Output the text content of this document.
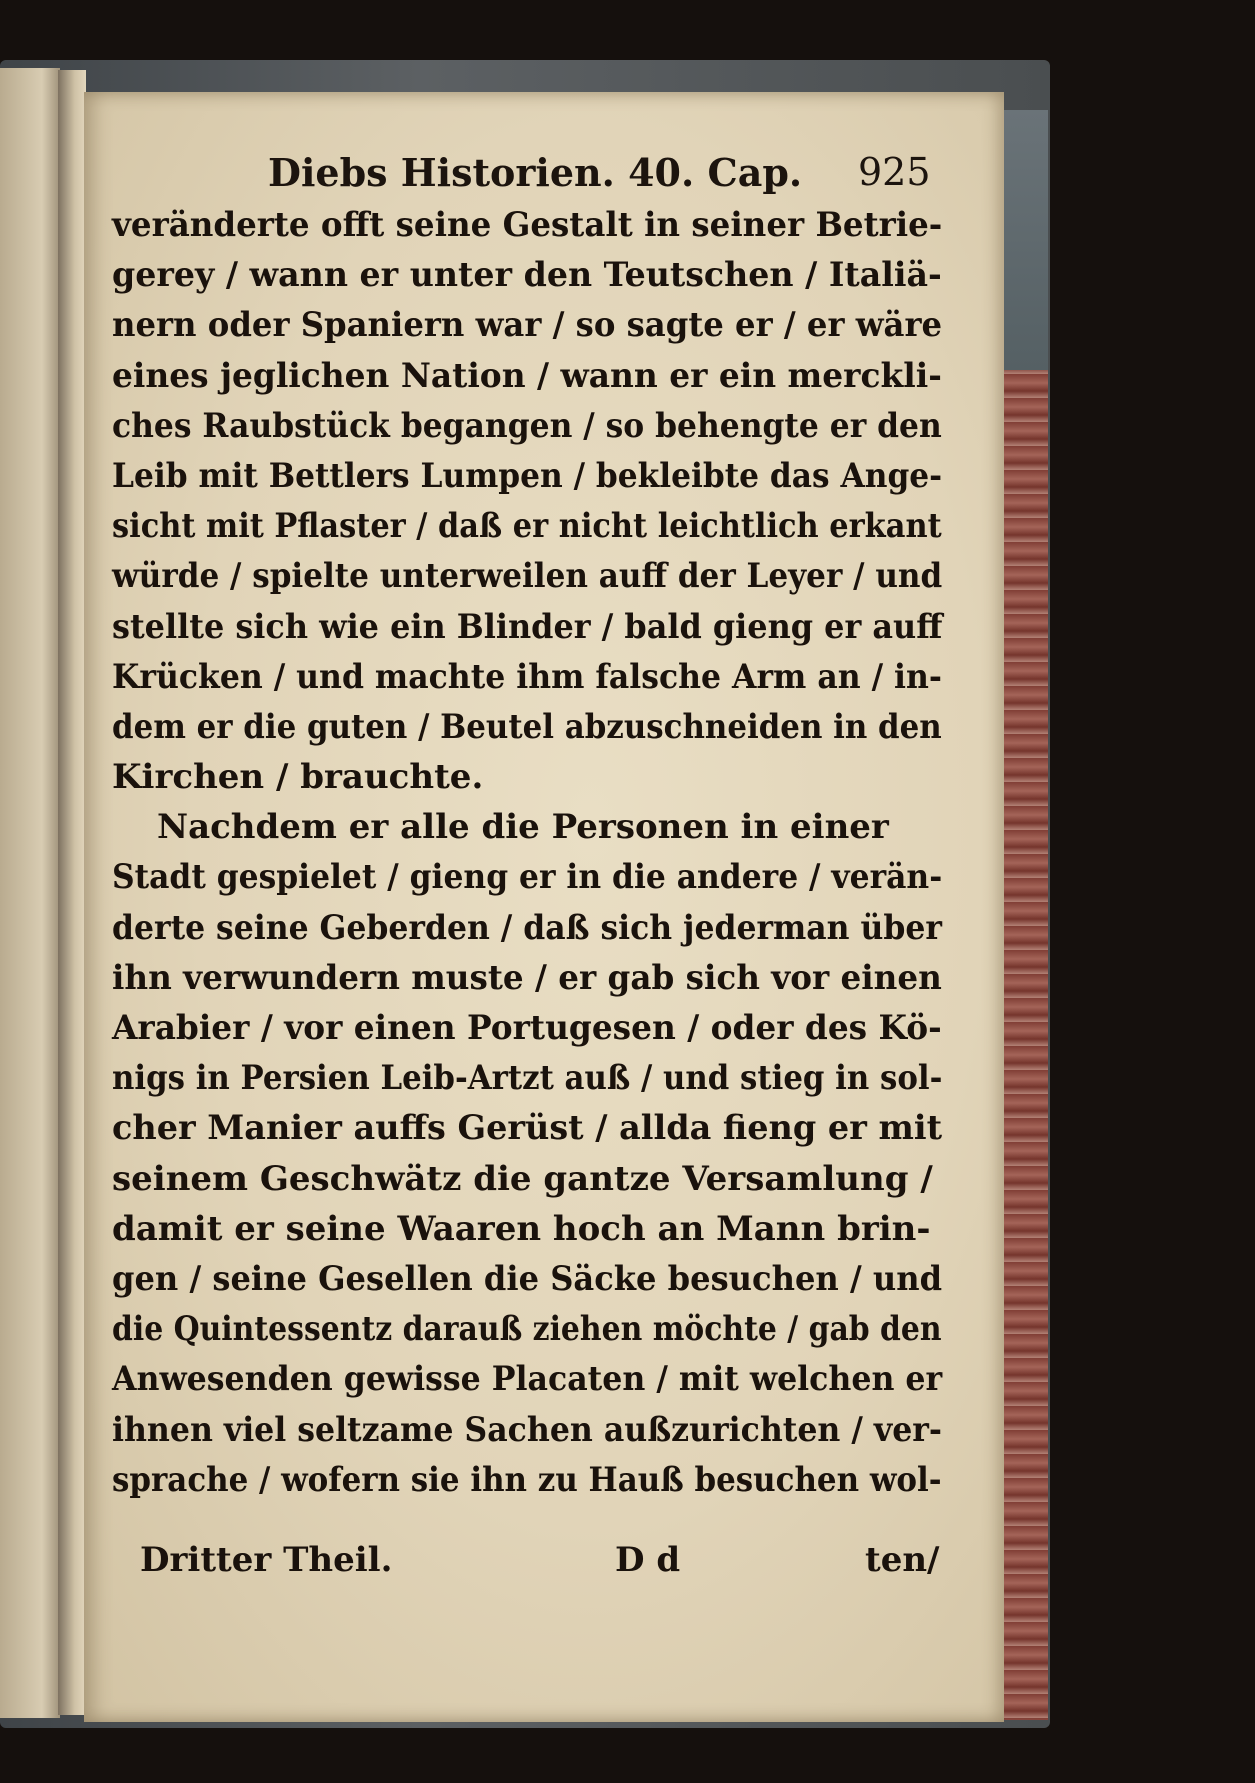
Diebs Historien. 40. Cap. 925
veränderte offt seine Gestalt in seiner Betrie-
gerey / wann er unter den Teutschen / Italiä-
nern oder Spaniern war / so sagte er / er wäre
eines jeglichen Nation / wann er ein merckli-
ches Raubstück begangen / so behengte er den
Leib mit Bettlers Lumpen / bekleibte das Ange-
sicht mit Pflaster / daß er nicht leichtlich erkant
würde / spielte unterweilen auff der Leyer / und
stellte sich wie ein Blinder / bald gieng er auff
Krücken / und machte ihm falsche Arm an / in-
dem er die guten / Beutel abzuschneiden in den
Kirchen / brauchte.
Nachdem er alle die Personen in einer
Stadt gespielet / gieng er in die andere / verän-
derte seine Geberden / daß sich jederman über
ihn verwundern muste / er gab sich vor einen
Arabier / vor einen Portugesen / oder des Kö-
nigs in Persien Leib-Artzt auß / und stieg in sol-
cher Manier auffs Gerüst / allda fieng er mit
seinem Geschwätz die gantze Versamlung /
damit er seine Waaren hoch an Mann brin-
gen / seine Gesellen die Säcke besuchen / und
die Quintessentz darauß ziehen möchte / gab den
Anwesenden gewisse Placaten / mit welchen er
ihnen viel seltzame Sachen außzurichten / ver-
sprache / wofern sie ihn zu Hauß besuchen wol-
Dritter Theil.	D d	ten/
